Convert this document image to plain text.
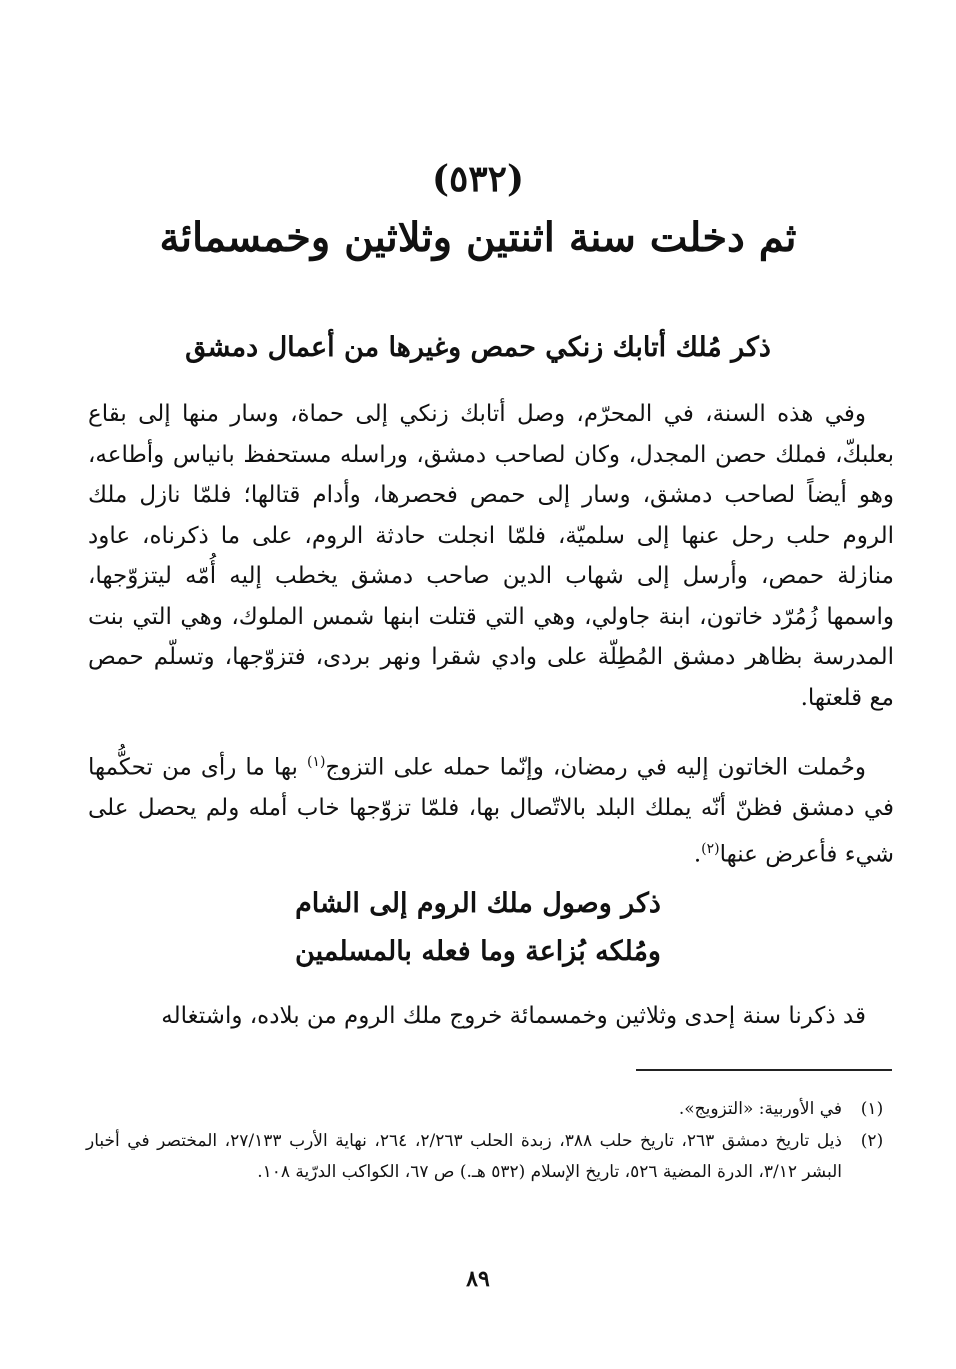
(٥٣٢)
ثم دخلت سنة اثنتين وثلاثين وخمسمائة
ذكر مُلك أتابك زنكي حمص وغيرها من أعمال دمشق
وفي هذه السنة، في المحرّم، وصل أتابك زنكي إلى حماة، وسار منها إلى بقاع بعلبكّ، فملك حصن المجدل، وكان لصاحب دمشق، وراسله مستحفظ بانياس وأطاعه، وهو أيضاً لصاحب دمشق، وسار إلى حمص فحصرها، وأدام قتالها؛ فلمّا نازل ملك الروم حلب رحل عنها إلى سلميّة، فلمّا انجلت حادثة الروم، على ما ذكرناه، عاود منازلة حمص، وأرسل إلى شهاب الدين صاحب دمشق يخطب إليه أُمّه ليتزوّجها، واسمها زُمُرّد خاتون، ابنة جاولي، وهي التي قتلت ابنها شمس الملوك، وهي التي بنت المدرسة بظاهر دمشق المُطِلّة على وادي شقرا ونهر بردى، فتزوّجها، وتسلّم حمص مع قلعتها.
وحُملت الخاتون إليه في رمضان، وإنّما حمله على التزوج$^{(١)}$ بها ما رأى من تحكُّمها في دمشق فظنّ أنّه يملك البلد بالاتّصال بها، فلمّا تزوّجها خاب أمله ولم يحصل على شيء فأعرض عنها$^{(٢)}$.
ذكر وصول ملك الروم إلى الشام
ومُلكه بُزاعة وما فعله بالمسلمين
قد ذكرنا سنة إحدى وثلاثين وخمسمائة خروج ملك الروم من بلاده، واشتغاله
(١)
في الأوربية: «التزويج».
(٢)
ذيل تاريخ دمشق ٢٦٣، تاريخ حلب ٣٨٨، زبدة الحلب ٢/٢٦٣، ٢٦٤، نهاية الأرب ٢٧/١٣٣، المختصر في أخبار البشر ٣/١٢، الدرة المضية ٥٢٦، تاريخ الإسلام (٥٣٢ هـ.) ص ٦٧، الكواكب الدرّية ١٠٨.
٨٩
